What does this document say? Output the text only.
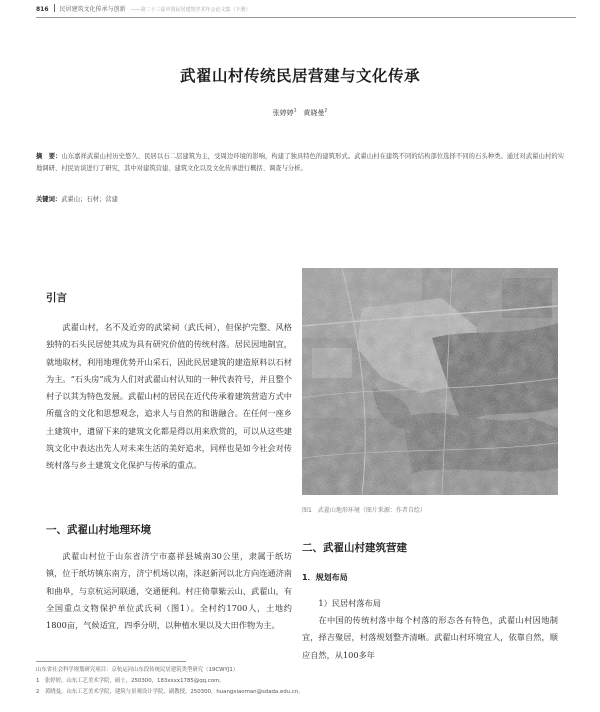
816 民居建筑文化传承与创新 ——第二十三届中国民居建筑学术年会论文集（下册）
武翟山村传统民居营建与文化传承
张婷婷$^1$ 黄晓曼$^2$
摘　要：山东嘉祥武翟山村历史悠久、民居以石二层建筑为主，受周边环境的影响，构建了独具特色的建筑形式。武翟山村在建筑不同的结构部位选择不同的石头种类。通过对武翟山村的实地调研、村民访谈进行了研究，其中对建筑营建、建筑文化以及文化传承进行概括、调查与分析。
关键词：武翟山；石材；营建
引言
武翟山村，名不及近旁的武梁祠（武氏祠），但保护完整、风格独特的石头民居使其成为具有研究价值的传统村落。居民因地制宜，就地取材，利用地理优势开山采石，因此民居建筑的建造原料以石材为主。“石头房”成为人们对武翟山村认知的一种代表符号，并且整个村子以其为特色发展。武翟山村的居民在近代传承着建筑营造方式中所蕴含的文化和思想观念，追求人与自然的和谐融合。在任何一座乡土建筑中，遗留下来的建筑文化都是得以用来欣赏的，可以从这些建筑文化中表达出先人对未来生活的美好追求，同样也是如今社会对传统村落与乡土建筑文化保护与传承的重点。
一、武翟山村地理环境
武翟山村位于山东省济宁市嘉祥县城南30公里，隶属于纸坊镇，位于纸坊镇东南方，济宁机场以南，洙赵新河以北方向连通济南和曲阜，与京杭运河联通，交通便利。村庄倚靠紫云山、武翟山，有全国重点文物保护单位武氏祠（图1）。全村约1700人，土地约1800亩，气候适宜，四季分明，以种植水果以及大田作物为主。
图1　武翟山地形环境（图片来源：作者自绘）
二、武翟山村建筑营建
1．规划布局
1）民居村落布局
在中国的传统村落中每个村落的形态各有特色，武翟山村因地制宜，择吉聚居，村落规划整齐清晰。武翟山村环境宜人，依靠自然，顺应自然，从100多年
山东省社会科学规划研究项目：京杭运河山东段传统民居建筑类型研究（19CWYJ1）
1　张婷婷，山东工艺美术学院，硕士，250300，183xxxx1785@qq.com。
2　黄晓曼，山东工艺美术学院，建筑与景观设计学院，副教授，250300，huangxiaoman@sdada.edu.cn。
